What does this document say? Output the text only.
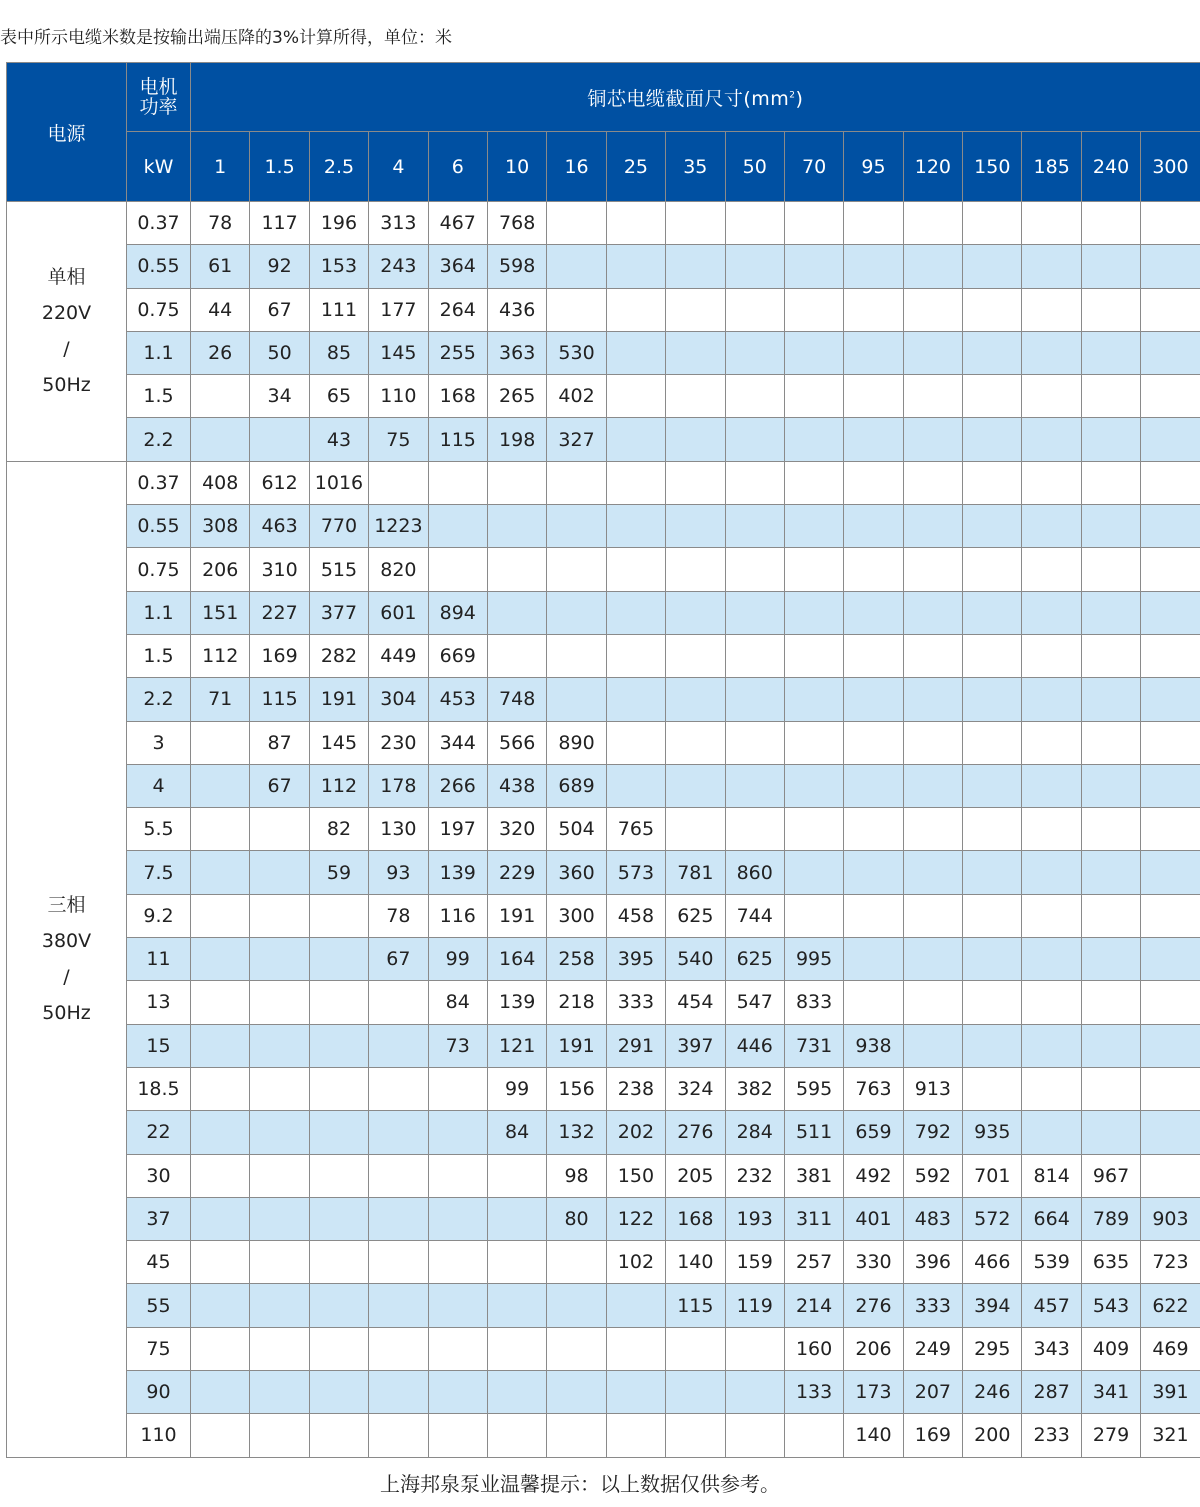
表中所示电缆米数是按输出端压降的3%计算所得，单位：米
电源	电机
功率	铜芯电缆截面尺寸$(mm^2)$																
	kW	1	1.5	2.5	4	6	10	16	25	35	50	70	95	120	150	185	240	300

单相
220V
/
50Hz	0.37	78	117	196	313	467	768											
	0.55	61	92	153	243	364	598											
	0.75	44	67	111	177	264	436											
	1.1	26	50	85	145	255	363	530										
	1.5		34	65	110	168	265	402										
	2.2			43	75	115	198	327										

三相
380V
/
50Hz	0.37	408	612	1016														
	0.55	308	463	770	1223													
	0.75	206	310	515	820													
	1.1	151	227	377	601	894												
	1.5	112	169	282	449	669												
	2.2	71	115	191	304	453	748											
	3		87	145	230	344	566	890										
	4		67	112	178	266	438	689										
	5.5			82	130	197	320	504	765									
	7.5			59	93	139	229	360	573	781	860							
	9.2				78	116	191	300	458	625	744							
	11				67	99	164	258	395	540	625	995						
	13					84	139	218	333	454	547	833						
	15					73	121	191	291	397	446	731	938					
	18.5						99	156	238	324	382	595	763	913				
	22						84	132	202	276	284	511	659	792	935			
	30							98	150	205	232	381	492	592	701	814	967	
	37							80	122	168	193	311	401	483	572	664	789	903
	45								102	140	159	257	330	396	466	539	635	723
	55									115	119	214	276	333	394	457	543	622
	75											160	206	249	295	343	409	469
	90											133	173	207	246	287	341	391
	110												140	169	200	233	279	321
上海邦泉泵业温馨提示：以上数据仅供参考。
